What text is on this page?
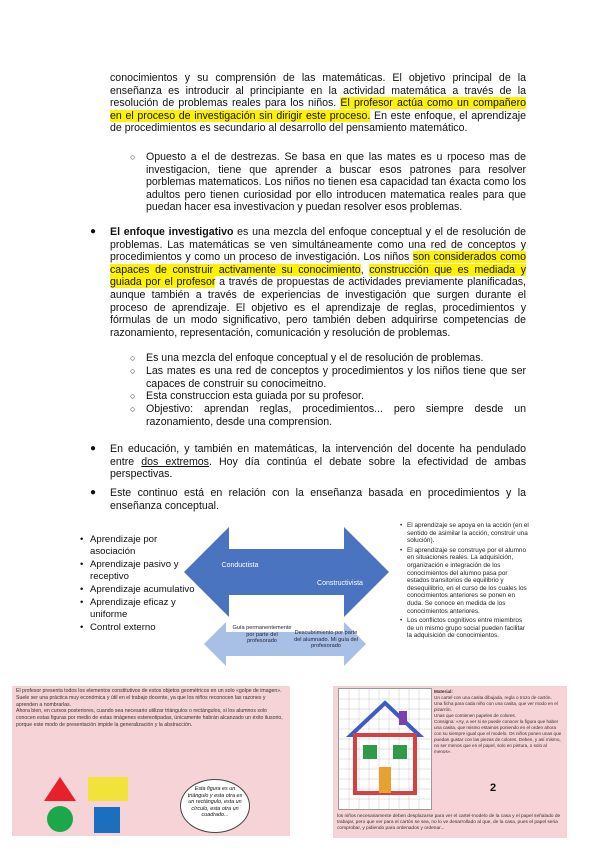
conocimientos y su comprensión de las matemáticas. El objetivo principal de la enseñanza es introducir al principiante en la actividad matemática a través de la resolución de problemas reales para los niños. El profesor actúa como un compañero en el proceso de investigación sin dirigir este proceso. En este enfoque, el aprendizaje de procedimientos es secundario al desarrollo del pensamiento matemático.
○ Opuesto a el de destrezas. Se basa en que las mates es u rpoceso mas de investigacion, tiene que aprender a buscar esos patrones para resolver porblemas matematicos. Los niños no tienen esa capacidad tan éxacta como los adultos pero tienen curiosidad por ello introducen matematica reales para que puedan hacer esa investivacion y puedan resolver esos problemas.
● El enfoque investigativo es una mezcla del enfoque conceptual y el de resolución de problemas. Las matemáticas se ven simultáneamente como una red de conceptos y procedimientos y como un proceso de investigación. Los niños son considerados como capaces de construir activamente su conocimiento, construcción que es mediada y guiada por el profesor a través de propuestas de actividades previamente planificadas, aunque también a través de experiencias de investigación que surgen durante el proceso de aprendizaje. El objetivo es el aprendizaje de reglas, procedimientos y fórmulas de un modo significativo, pero también deben adquirirse competencias de razonamiento, representación, comunicación y resolución de problemas.
○ Es una mezcla del enfoque conceptual y el de resolución de problemas.
○ Las mates es una red de conceptos y procedimientos y los niños tiene que ser capaces de construir su conocimeitno.
○ Esta construccion esta guiada por su profesor.
○ Objestivo: aprendan reglas, procedimientos... pero siempre desde un razonamiento, desde una comprension.
● En educación, y también en matemáticas, la intervención del docente ha pendulado entre dos extremos. Hoy día continúa el debate sobre la efectividad de ambas perspectivas.
● Este continuo está en relación con la enseñanza basada en procedimientos y la enseñanza conceptual.
• Aprendizaje por asociación
• Aprendizaje pasivo y receptivo
• Aprendizaje acumulativo
• Aprendizaje eficaz y uniforme
• Control externo
Conductista
Constructivista
Guía permanentemente por parte del profesorado
Descubrimiento por parte del alumnado. Mi guía del profesorado
• El aprendizaje se apoya en la acción (en el sentido de asimilar la acción, construir una solución).
• El aprendizaje se construye por el alumno en situaciones reales. La adquisición, organización e integración de los conocimientos del alumno pasa por estados transitorios de equilibrio y desequilibrio, en el curso de los cuales los conocimientos anteriores se ponen en duda. Se conoce en medida de los conocimientos anteriores.
• Los conflictos cognitivos entre miembros de un mismo grupo social pueden facilitar la adquisición de conocimientos.
El profesor presenta todos los elementos constitutivos de estos objetos geométricos en un solo «golpe de imagen». Suele ser una práctica muy económica y útil en el trabajo docente, ya que los niños reconocen las razones y aprenden a nombrarlas.
Ahora bien, en cursos posteriores, cuando sea necesario utilizar triángulos o rectángulos, si los alumnos solo conocen estas figuras por medio de estas imágenes estereotipadas, únicamente habrán alcanzado un éxito ilusorio, porque este modo de presentación impide la generalización y la abstracción.
Esta figura es un triángulo y esta otra es un rectángulo, esta un círculo, esta otra un cuadrado...
Material:
Un cartel con una casita dibujada, regla o trozo de cartón.
Una ficha para cada niño con una casita, que ver modo en el pizarrón.
Unas que contienen papeles de colores.
Consigna: «Ay, a ver si se puede conocer la figura que haber una casita, que mismo estamos poniendo en el orden ahora con su siempre igual que el modelo. Os niños ponen unas que puedan gustar con las piezas de colores. Deben, y así mismo, no ser menos que en el papel, solo en pintura, o solo al menos».
2
los niños necesariamente deben desplazarse para ver el cartel-modelo de la casa y el papel señalado de trabajar, pero que ver para el cartón se sea, no lo ve desarrollado al que, de la casa, pues el papel seria comprobar, y pidiendo para ordenados y ordenar...
